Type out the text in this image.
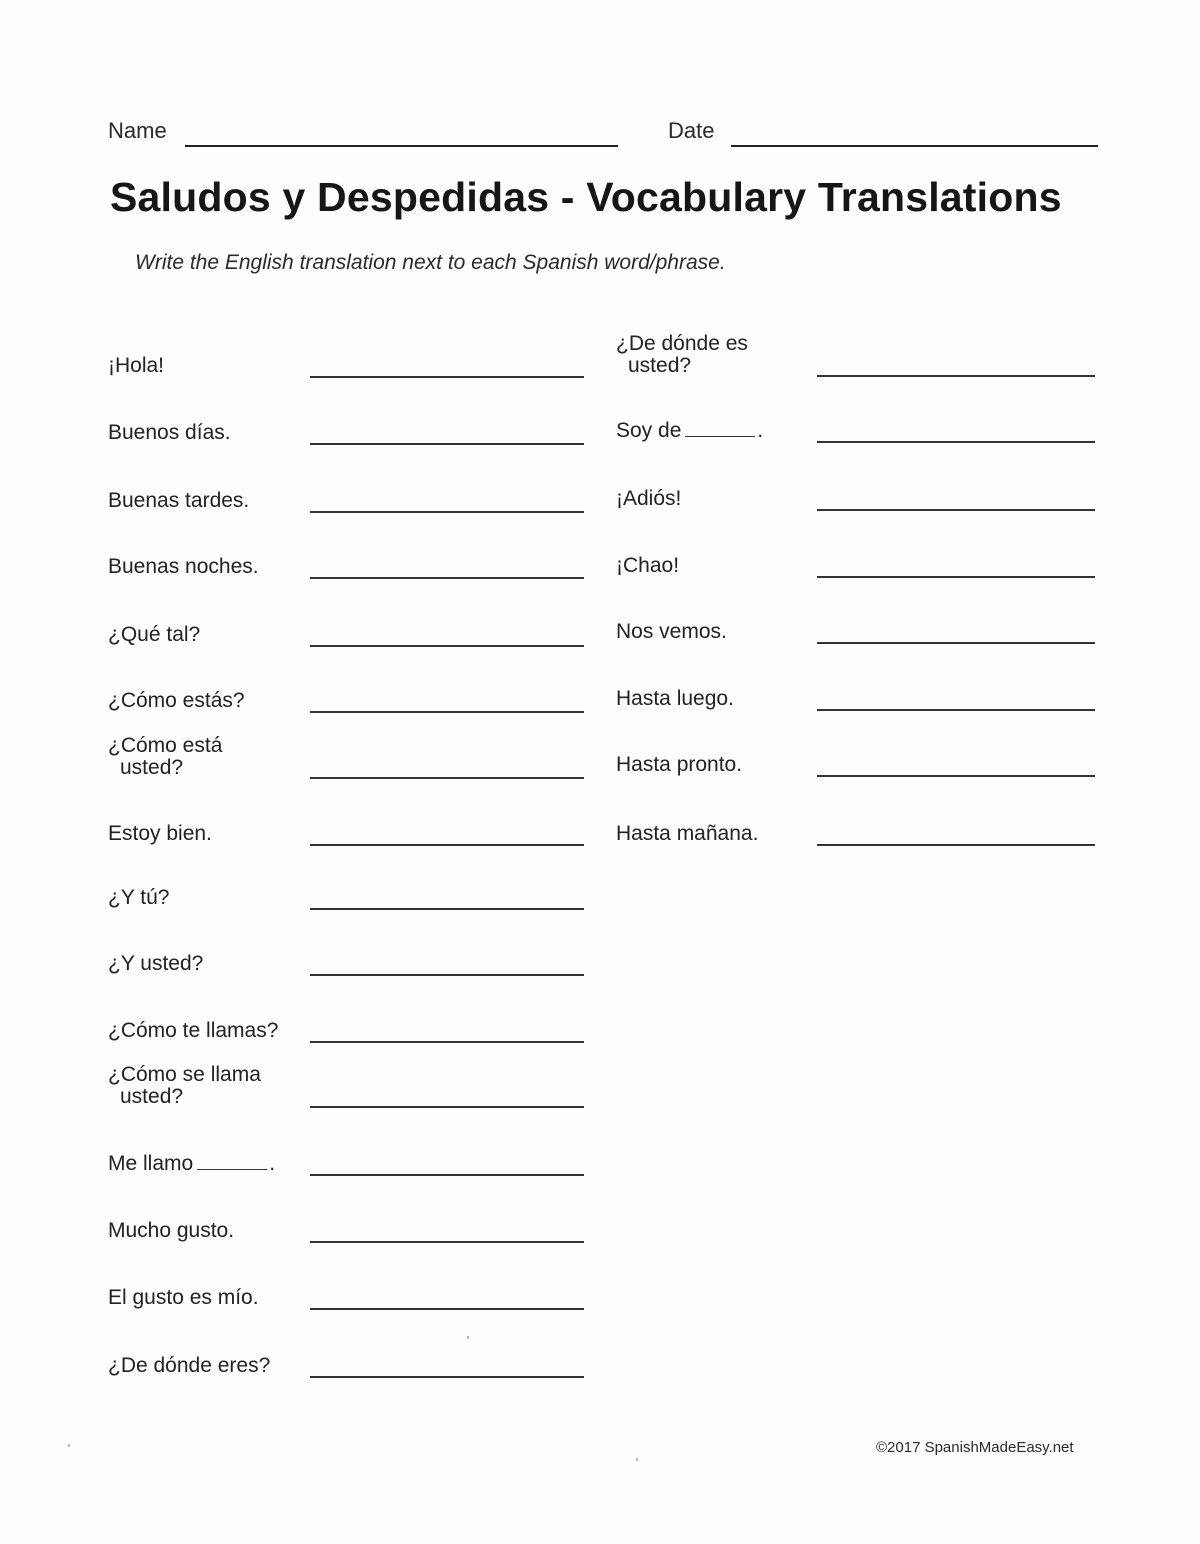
Name	Date
Saludos y Despedidas - Vocabulary Translations
Write the English translation next to each Spanish word/phrase.
¡Hola!
Buenos días.
Buenas tardes.
Buenas noches.
¿Qué tal?
¿Cómo estás?
¿Cómo está
usted?
Estoy bien.
¿Y tú?
¿Y usted?
¿Cómo te llamas?
¿Cómo se llama
usted?
Me llamo	.
Mucho gusto.
El gusto es mío.
¿De dónde eres?
¿De dónde es
usted?
Soy de	.
¡Adiós!
¡Chao!
Nos vemos.
Hasta luego.
Hasta pronto.
Hasta mañana.
©2017 SpanishMadeEasy.net
